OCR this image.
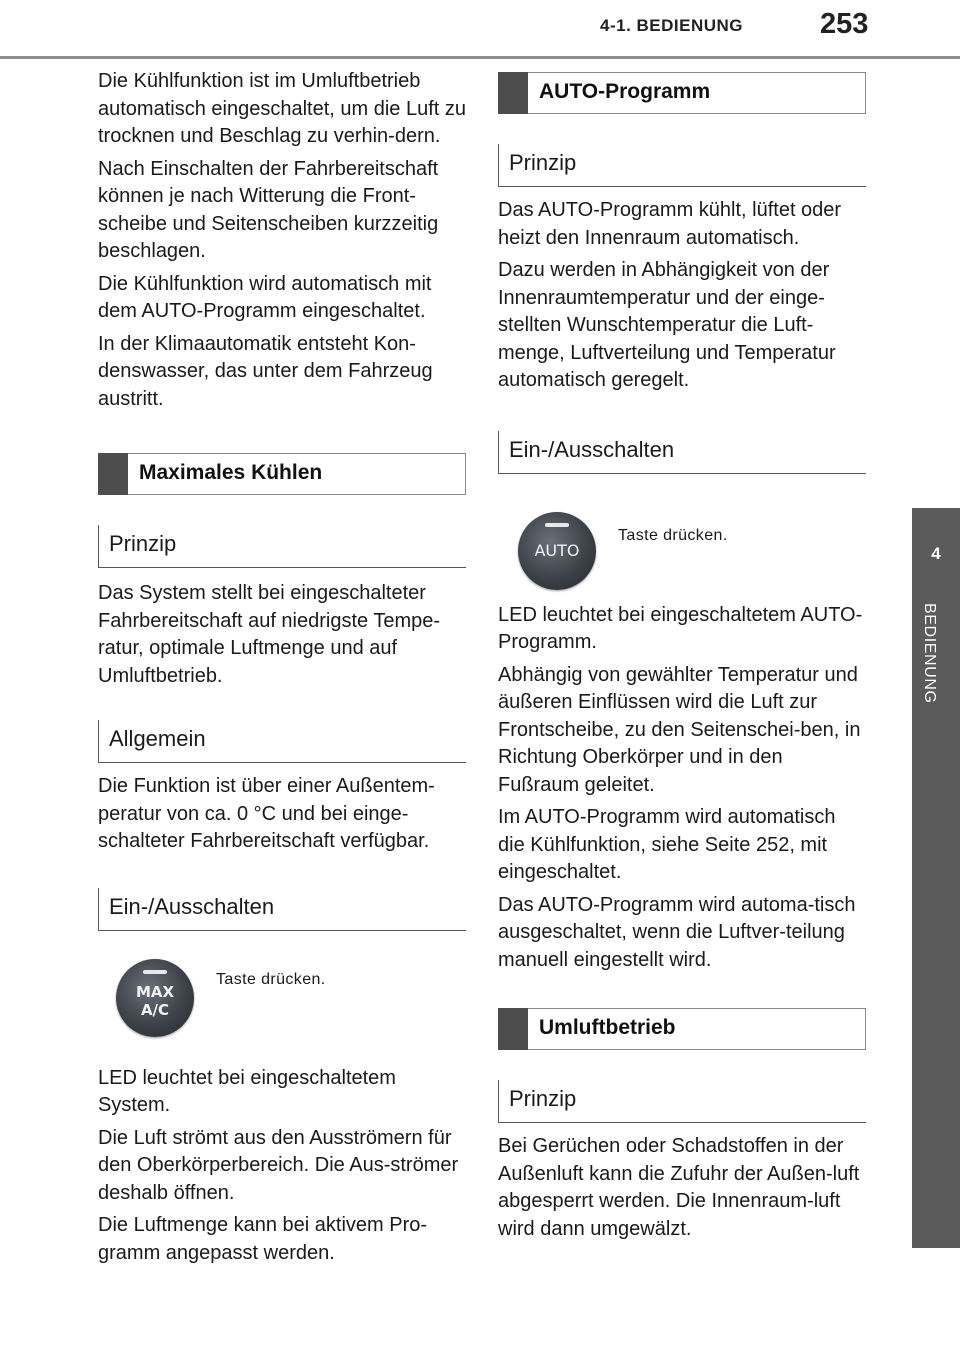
4-1. BEDIENUNG	253
4
BEDIENUNG

Die Kühlfunktion ist im Umluftbetrieb automatisch eingeschaltet, um die Luft zu trocknen und Beschlag zu verhin-dern.

Nach Einschalten der Fahrbereitschaft können je nach Witterung die Front-scheibe und Seitenscheiben kurzzeitig beschlagen.

Die Kühlfunktion wird automatisch mit dem AUTO-Programm eingeschaltet.

In der Klimaautomatik entsteht Kon-denswasser, das unter dem Fahrzeug austritt.

Maximales Kühlen
Prinzip

Das System stellt bei eingeschalteter Fahrbereitschaft auf niedrigste Tempe-ratur, optimale Luftmenge und auf Umluftbetrieb.

Allgemein

Die Funktion ist über einer Außentem-peratur von ca. 0 °C und bei einge-schalteter Fahrbereitschaft verfügbar.

Ein-/Ausschalten
MAX
A/C
Taste drücken.

LED leuchtet bei eingeschaltetem System.

Die Luft strömt aus den Ausströmern für den Oberkörperbereich. Die Aus-strömer deshalb öffnen.

Die Luftmenge kann bei aktivem Pro-gramm angepasst werden.

AUTO-Programm
Prinzip

Das AUTO-Programm kühlt, lüftet oder heizt den Innenraum automatisch.

Dazu werden in Abhängigkeit von der Innenraumtemperatur und der einge-stellten Wunschtemperatur die Luft-menge, Luftverteilung und Temperatur automatisch geregelt.

Ein-/Ausschalten
AUTO
Taste drücken.

LED leuchtet bei eingeschaltetem AUTO-Programm.

Abhängig von gewählter Temperatur und äußeren Einflüssen wird die Luft zur Frontscheibe, zu den Seitenschei-ben, in Richtung Oberkörper und in den Fußraum geleitet.

Im AUTO-Programm wird automatisch die Kühlfunktion, siehe Seite 252, mit eingeschaltet.

Das AUTO-Programm wird automa-tisch ausgeschaltet, wenn die Luftver-teilung manuell eingestellt wird.

Umluftbetrieb
Prinzip

Bei Gerüchen oder Schadstoffen in der Außenluft kann die Zufuhr der Außen-luft abgesperrt werden. Die Innenraum-luft wird dann umgewälzt.
